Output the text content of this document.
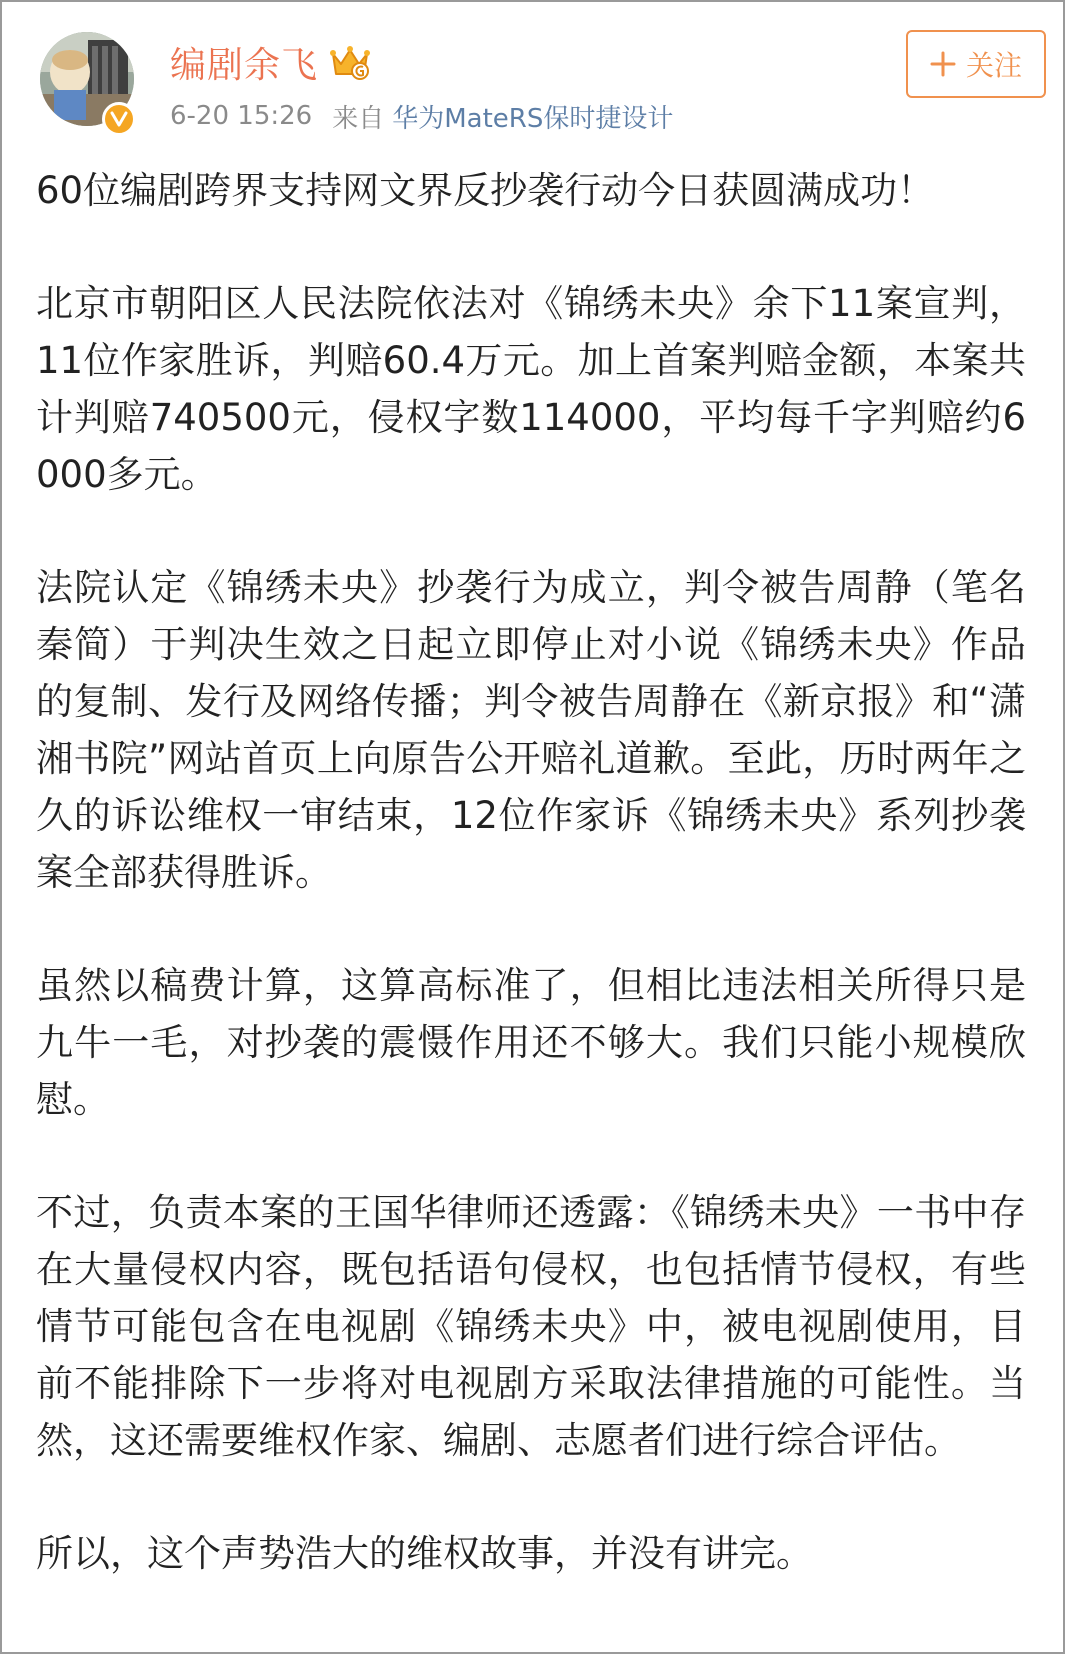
编剧余飞
6-20 15:26 来自 华为MateRS保时捷设计
关注

60位编剧跨界支持网文界反抄袭行动今日获圆满成功！

北京市朝阳区人民法院依法对《锦绣未央》余下11案宣判，11位作家胜诉，判赔60.4万元。加上首案判赔金额，本案共计判赔740500元，侵权字数114000，平均每千字判赔约6000多元。

法院认定《锦绣未央》抄袭行为成立，判令被告周静（笔名秦简）于判决生效之日起立即停止对小说《锦绣未央》作品的复制、发行及网络传播；判令被告周静在《新京报》和“潇湘书院”网站首页上向原告公开赔礼道歉。至此，历时两年之久的诉讼维权一审结束，12位作家诉《锦绣未央》系列抄袭案全部获得胜诉。

虽然以稿费计算，这算高标准了，但相比违法相关所得只是九牛一毛，对抄袭的震慑作用还不够大。我们只能小规模欣慰。

不过，负责本案的王国华律师还透露：《锦绣未央》一书中存在大量侵权内容，既包括语句侵权，也包括情节侵权，有些情节可能包含在电视剧《锦绣未央》中，被电视剧使用，目前不能排除下一步将对电视剧方采取法律措施的可能性。当然，这还需要维权作家、编剧、志愿者们进行综合评估。

所以，这个声势浩大的维权故事，并没有讲完。
